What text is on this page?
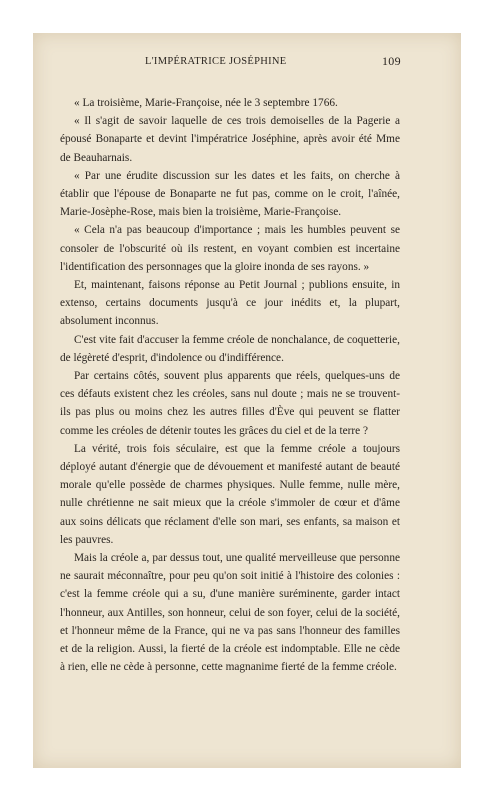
L'IMPÉRATRICE JOSÉPHINE	109

« La troisième, Marie-Françoise, née le 3 septembre 1766.

« Il s'agit de savoir laquelle de ces trois demoiselles de la Pagerie a épousé Bonaparte et devint l'impératrice Joséphine, après avoir été Mme de Beauharnais.

« Par une érudite discussion sur les dates et les faits, on cherche à établir que l'épouse de Bonaparte ne fut pas, comme on le croit, l'aînée, Marie-Josèphe-Rose, mais bien la troisième, Marie-Françoise.

« Cela n'a pas beaucoup d'importance ; mais les humbles peuvent se consoler de l'obscurité où ils restent, en voyant combien est incertaine l'identification des personnages que la gloire inonda de ses rayons. »

Et, maintenant, faisons réponse au Petit Journal ; publions ensuite, in extenso, certains documents jusqu'à ce jour inédits et, la plupart, absolument inconnus.

C'est vite fait d'accuser la femme créole de nonchalance, de coquetterie, de légèreté d'esprit, d'indolence ou d'indifférence.

Par certains côtés, souvent plus apparents que réels, quelques-uns de ces défauts existent chez les créoles, sans nul doute ; mais ne se trouvent-ils pas plus ou moins chez les autres filles d'Ève qui peuvent se flatter comme les créoles de détenir toutes les grâces du ciel et de la terre ?

La vérité, trois fois séculaire, est que la femme créole a toujours déployé autant d'énergie que de dévouement et manifesté autant de beauté morale qu'elle possède de charmes physiques. Nulle femme, nulle mère, nulle chrétienne ne sait mieux que la créole s'immoler de cœur et d'âme aux soins délicats que réclament d'elle son mari, ses enfants, sa maison et les pauvres.

Mais la créole a, par dessus tout, une qualité merveilleuse que personne ne saurait méconnaître, pour peu qu'on soit initié à l'histoire des colonies : c'est la femme créole qui a su, d'une manière suréminente, garder intact l'honneur, aux Antilles, son honneur, celui de son foyer, celui de la société, et l'honneur même de la France, qui ne va pas sans l'honneur des familles et de la religion. Aussi, la fierté de la créole est indomptable. Elle ne cède à rien, elle ne cède à personne, cette magnanime fierté de la femme créole.
